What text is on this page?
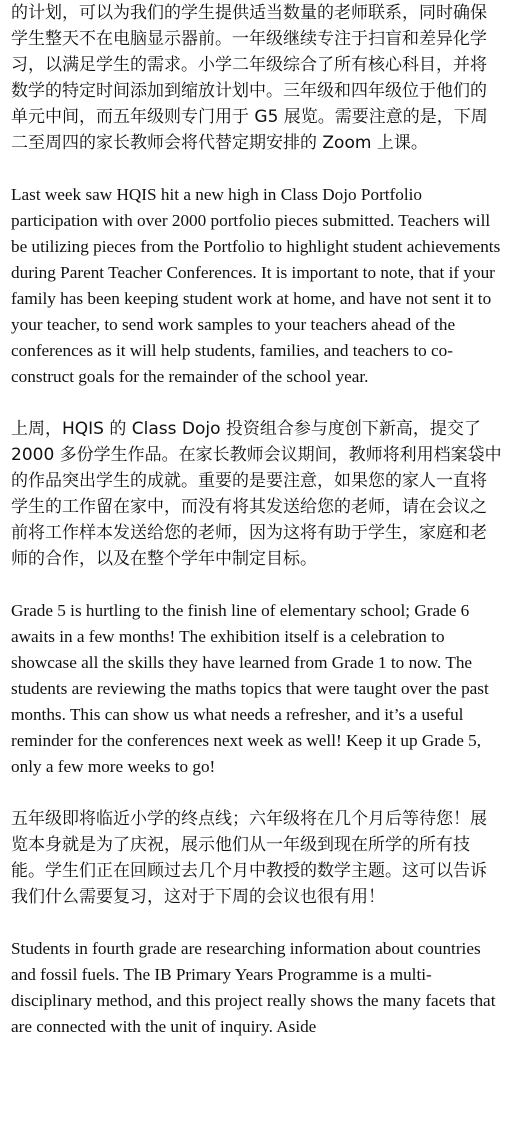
的计划，可以为我们的学生提供适当数量的老师联系，同时确保学生整天不在电脑显示器前。一年级继续专注于扫盲和差异化学习，以满足学生的需求。小学二年级综合了所有核心科目，并将数学的特定时间添加到缩放计划中。三年级和四年级位于他们的单元中间，而五年级则专门用于 G5 展览。需要注意的是，下周二至周四的家长教师会将代替定期安排的 Zoom 上课。

Last week saw HQIS hit a new high in Class Dojo Portfolio participation with over 2000 portfolio pieces submitted. Teachers will be utilizing pieces from the Portfolio to highlight student achievements during Parent Teacher Conferences. It is important to note, that if your family has been keeping student work at home, and have not sent it to your teacher, to send work samples to your teachers ahead of the conferences as it will help students, families, and teachers to co-construct goals for the remainder of the school year.

上周，HQIS 的 Class Dojo 投资组合参与度创下新高，提交了 2000 多份学生作品。在家长教师会议期间，教师将利用档案袋中的作品突出学生的成就。重要的是要注意，如果您的家人一直将学生的工作留在家中，而没有将其发送给您的老师，请在会议之前将工作样本发送给您的老师，因为这将有助于学生，家庭和老师的合作，以及在整个学年中制定目标。

Grade 5 is hurtling to the finish line of elementary school; Grade 6 awaits in a few months! The exhibition itself is a celebration to showcase all the skills they have learned from Grade 1 to now. The students are reviewing the maths topics that were taught over the past months. This can show us what needs a refresher, and it’s a useful reminder for the conferences next week as well! Keep it up Grade 5, only a few more weeks to go!

五年级即将临近小学的终点线；六年级将在几个月后等待您！展览本身就是为了庆祝，展示他们从一年级到现在所学的所有技能。学生们正在回顾过去几个月中教授的数学主题。这可以告诉我们什么需要复习，这对于下周的会议也很有用！

Students in fourth grade are researching information about countries and fossil fuels. The IB Primary Years Programme is a multi-disciplinary method, and this project really shows the many facets that are connected with the unit of inquiry. Aside
